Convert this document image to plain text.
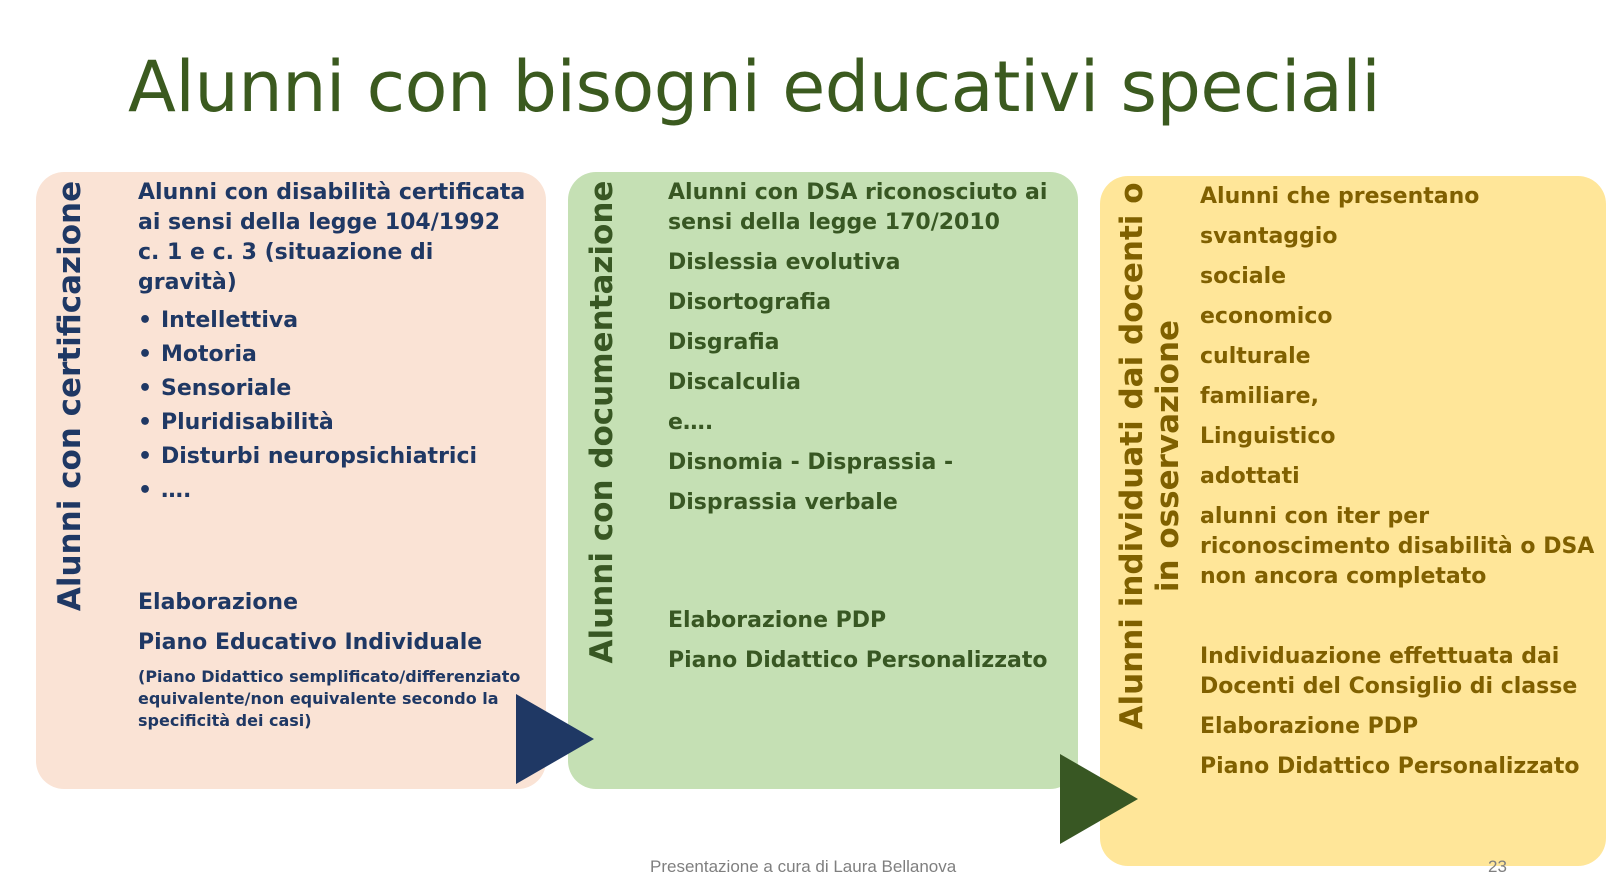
Alunni con bisogni educativi speciali
Alunni con certificazione Alunni con disabilità certificata ai sensi della legge 104/1992 c. 1 e c. 3 (situazione di gravità)

• Intellettiva
• Motoria
• Sensoriale
• Pluridisabilità
• Disturbi neuropsichiatrici
• ….

Elaborazione

Piano Educativo Individuale

(Piano Didattico semplificato/differenziato equivalente/non equivalente secondo la specificità dei casi)

Alunni con documentazione Alunni con DSA riconosciuto ai sensi della legge 170/2010

Dislessia evolutiva

Disortografia

Disgrafia

Discalculia

e….

Disnomia - Disprassia -

Disprassia verbale

Elaborazione PDP

Piano Didattico Personalizzato	Alunni individuati dai docenti o in osservazione

Alunni che presentano

svantaggio

sociale

economico

culturale

familiare,

Linguistico

adottati

alunni con iter per riconoscimento disabilità o DSA non ancora completato

Individuazione effettuata dai Docenti del Consiglio di classe

Elaborazione PDP

Piano Didattico Personalizzato

Presentazione a cura di Laura Bellanova	23
